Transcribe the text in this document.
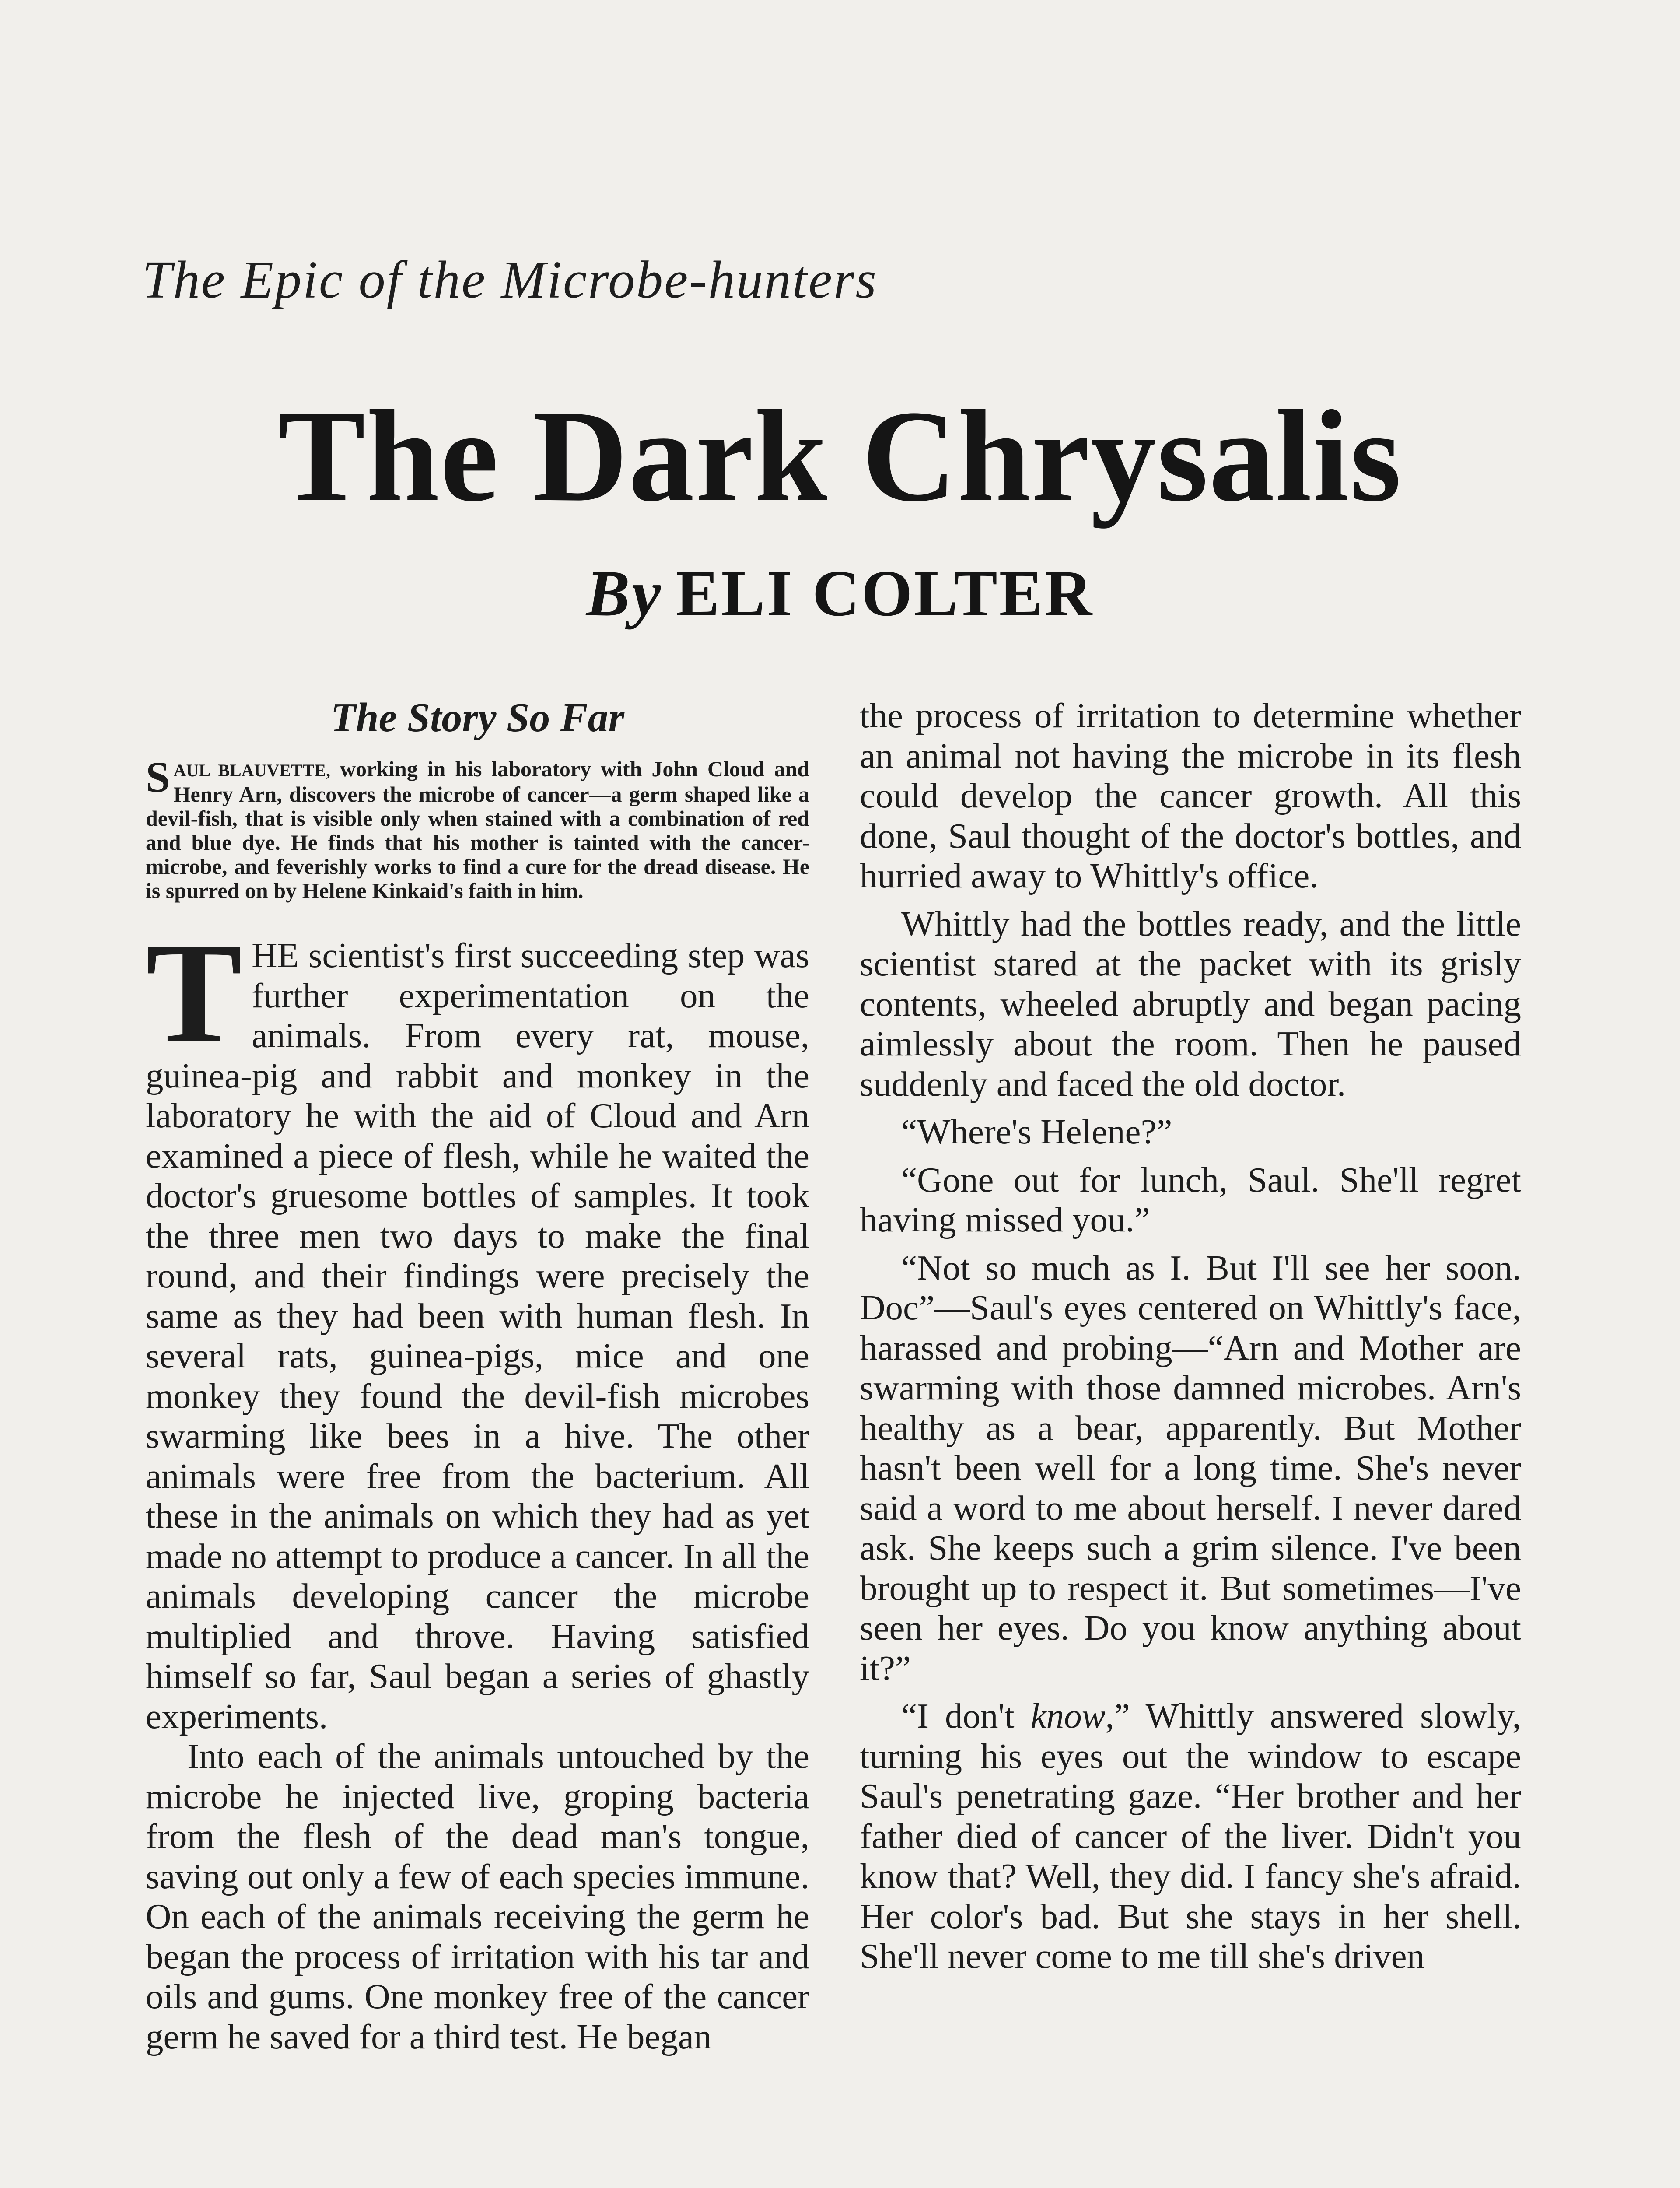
The Epic of the Microbe-hunters
The Dark Chrysalis
By ELI COLTER
The Story So Far
SAUL BLAUVETTE, working in his laboratory with John Cloud and Henry Arn, discovers the microbe of cancer—a germ shaped like a devil-fish, that is visible only when stained with a combination of red and blue dye. He finds that his mother is tainted with the cancer-microbe, and feverishly works to find a cure for the dread disease. He is spurred on by Helene Kinkaid's faith in him.

THE scientist's first succeeding step was further experimentation on the animals. From every rat, mouse, guinea-pig and rabbit and monkey in the laboratory he with the aid of Cloud and Arn examined a piece of flesh, while he waited the doctor's gruesome bottles of samples. It took the three men two days to make the final round, and their findings were precisely the same as they had been with human flesh. In several rats, guinea-pigs, mice and one monkey they found the devil-fish microbes swarming like bees in a hive. The other animals were free from the bacterium. All these in the animals on which they had as yet made no attempt to produce a cancer. In all the animals developing cancer the microbe multiplied and throve. Having satisfied himself so far, Saul began a series of ghastly experiments.

Into each of the animals untouched by the microbe he injected live, groping bacteria from the flesh of the dead man's tongue, saving out only a few of each species immune. On each of the animals receiving the germ he began the process of irritation with his tar and oils and gums. One monkey free of the cancer germ he saved for a third test. He began

the process of irritation to determine whether an animal not having the microbe in its flesh could develop the cancer growth. All this done, Saul thought of the doctor's bottles, and hurried away to Whittly's office.

Whittly had the bottles ready, and the little scientist stared at the packet with its grisly contents, wheeled abruptly and began pacing aimlessly about the room. Then he paused suddenly and faced the old doctor.

“Where's Helene?”

“Gone out for lunch, Saul. She'll regret having missed you.”

“Not so much as I. But I'll see her soon. Doc”—Saul's eyes centered on Whittly's face, harassed and probing—“Arn and Mother are swarming with those damned microbes. Arn's healthy as a bear, apparently. But Mother hasn't been well for a long time. She's never said a word to me about herself. I never dared ask. She keeps such a grim silence. I've been brought up to respect it. But sometimes—I've seen her eyes. Do you know anything about it?”

“I don't know,” Whittly answered slowly, turning his eyes out the window to escape Saul's penetrating gaze. “Her brother and her father died of cancer of the liver. Didn't you know that? Well, they did. I fancy she's afraid. Her color's bad. But she stays in her shell. She'll never come to me till she's driven
